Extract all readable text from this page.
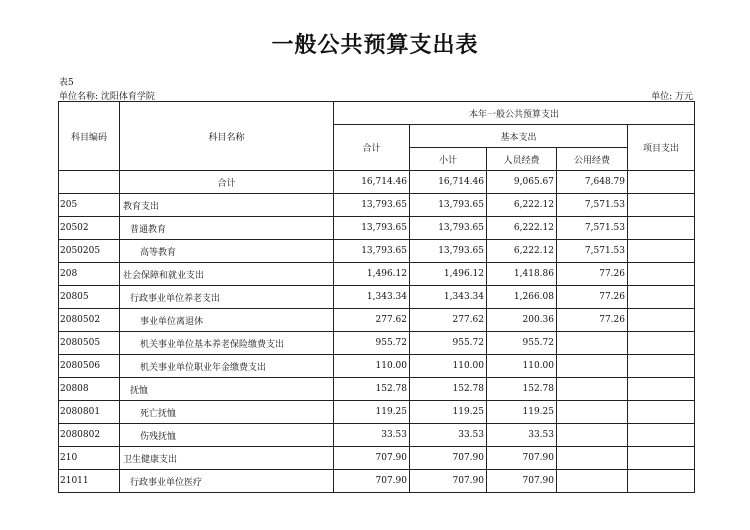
一般公共预算支出表
表5
单位名称: 沈阳体育学院	单位: 万元
科目编码	科目名称	本年一般公共预算支出				
		合计	基本支出			项目支出
			小计	人员经费	公用经费	
	合计	16,714.46	16,714.46	9,065.67	7,648.79	
205	教育支出	13,793.65	13,793.65	6,222.12	7,571.53	
20502	普通教育	13,793.65	13,793.65	6,222.12	7,571.53	
2050205	高等教育	13,793.65	13,793.65	6,222.12	7,571.53	
208	社会保障和就业支出	1,496.12	1,496.12	1,418.86	77.26	
20805	行政事业单位养老支出	1,343.34	1,343.34	1,266.08	77.26	
2080502	事业单位离退休	277.62	277.62	200.36	77.26	
2080505	机关事业单位基本养老保险缴费支出	955.72	955.72	955.72		
2080506	机关事业单位职业年金缴费支出	110.00	110.00	110.00		
20808	抚恤	152.78	152.78	152.78		
2080801	死亡抚恤	119.25	119.25	119.25		
2080802	伤残抚恤	33.53	33.53	33.53		
210	卫生健康支出	707.90	707.90	707.90		
21011	行政事业单位医疗	707.90	707.90	707.90		
